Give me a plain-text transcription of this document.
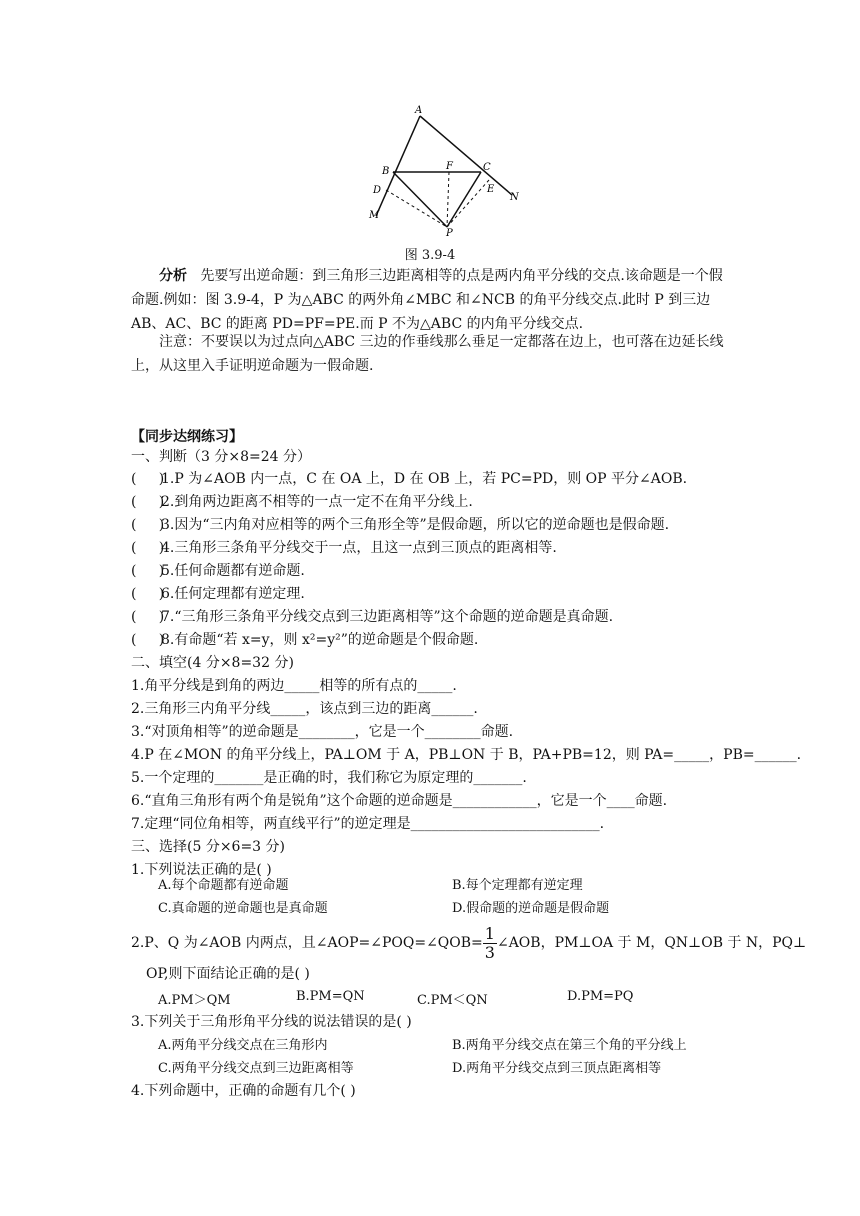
A
B	F	C
D	E
N
M
P
图 3.9-4
分析 先要写出逆命题：到三角形三边距离相等的点是两内角平分线的交点.该命题是一个假命题.例如：图 3.9-4，P 为△ABC 的两外角∠MBC 和∠NCB 的角平分线交点.此时 P 到三边 AB、AC、BC 的距离 PD=PF=PE.而 P 不为△ABC 的内角平分线交点.
注意：不要误以为过点向△ABC 三边的作垂线那么垂足一定都落在边上，也可落在边延长线上，从这里入手证明逆命题为一假命题.
【同步达纲练习】
一、判断（3 分×8=24 分）
(     )1.P 为∠AOB 内一点，C 在 OA 上，D 在 OB 上，若 PC=PD，则 OP 平分∠AOB.
(     )2.到角两边距离不相等的一点一定不在角平分线上.
(     )3.因为“三内角对应相等的两个三角形全等”是假命题，所以它的逆命题也是假命题.
(     )4.三角形三条角平分线交于一点，且这一点到三顶点的距离相等.
(     )5.任何命题都有逆命题.
(     )6.任何定理都有逆定理.
(     )7.“三角形三条角平分线交点到三边距离相等”这个命题的逆命题是真命题.
(     )8.有命题“若 x=y，则 x²=y²”的逆命题是个假命题.
二、填空(4 分×8=32 分)
1.角平分线是到角的两边_____相等的所有点的_____.
2.三角形三内角平分线_____，该点到三边的距离______.
3.“对顶角相等”的逆命题是________，它是一个________命题.
4.P 在∠MON 的角平分线上，PA⊥OM 于 A，PB⊥ON 于 B，PA+PB=12，则 PA=_____，PB=______.
5.一个定理的_______是正确的时，我们称它为原定理的_______.
6.“直角三角形有两个角是锐角”这个命题的逆命题是____________，它是一个____命题.
7.定理“同位角相等，两直线平行”的逆定理是___________________________.
三、选择(5 分×6=3 分)
1.下列说法正确的是( )
A.每个命题都有逆命题	B.每个定理都有逆定理
C.真命题的逆命题也是真命题	D.假命题的逆命题是假命题
2.P、Q 为∠AOB 内两点，且∠AOP=∠POQ=∠QOB= $\frac{1}{3}$ ∠AOB，PM⊥OA 于 M，QN⊥OB 于 N，PQ⊥
OP,则下面结论正确的是( )
A.PM＞QM	B.PM=QN	C.PM＜QN	D.PM=PQ
3.下列关于三角形角平分线的说法错误的是( )
A.两角平分线交点在三角形内	B.两角平分线交点在第三个角的平分线上
C.两角平分线交点到三边距离相等	D.两角平分线交点到三顶点距离相等
4.下列命题中，正确的命题有几个( )
